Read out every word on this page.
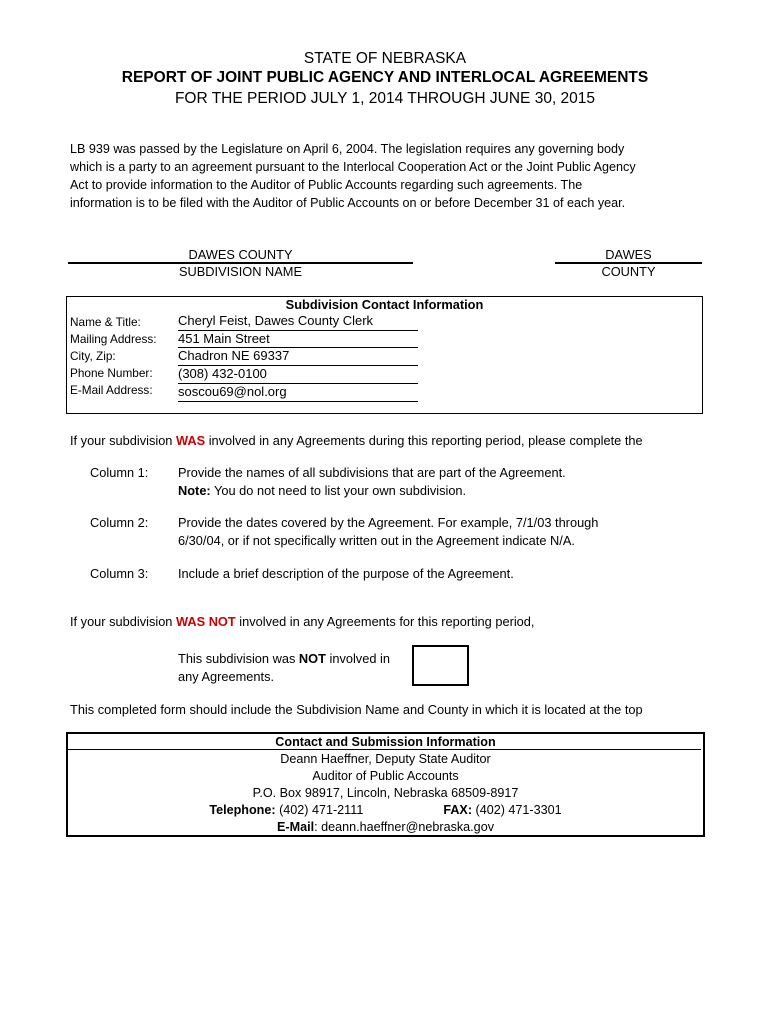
STATE OF NEBRASKA
REPORT OF JOINT PUBLIC AGENCY AND INTERLOCAL AGREEMENTS
FOR THE PERIOD JULY 1, 2014 THROUGH JUNE 30, 2015
LB 939 was passed by the Legislature on April 6, 2004. The legislation requires any governing body
which is a party to an agreement pursuant to the Interlocal Cooperation Act or the Joint Public Agency
Act to provide information to the Auditor of Public Accounts regarding such agreements. The
information is to be filed with the Auditor of Public Accounts on or before December 31 of each year.
DAWES COUNTY
SUBDIVISION NAME
DAWES
COUNTY
Subdivision Contact Information
Name & Title:
Mailing Address:
City, Zip:
Phone Number:
E-Mail Address:
Cheryl Feist, Dawes County Clerk
451 Main Street
Chadron NE 69337
(308) 432-0100
soscou69@nol.org
If your subdivision WAS involved in any Agreements during this reporting period, please complete the
Column 1: Provide the names of all subdivisions that are part of the Agreement.
Note: You do not need to list your own subdivision.
Column 2: Provide the dates covered by the Agreement. For example, 7/1/03 through
6/30/04, or if not specifically written out in the Agreement indicate N/A.
Column 3: Include a brief description of the purpose of the Agreement.
If your subdivision WAS NOT involved in any Agreements for this reporting period,
This subdivision was NOT involved in
any Agreements.
This completed form should include the Subdivision Name and County in which it is located at the top
Contact and Submission Information
Deann Haeffner, Deputy State Auditor
Auditor of Public Accounts
P.O. Box 98917, Lincoln, Nebraska 68509-8917
Telephone: (402) 471-2111	FAX: (402) 471-3301
E-Mail: deann.haeffner@nebraska.gov
